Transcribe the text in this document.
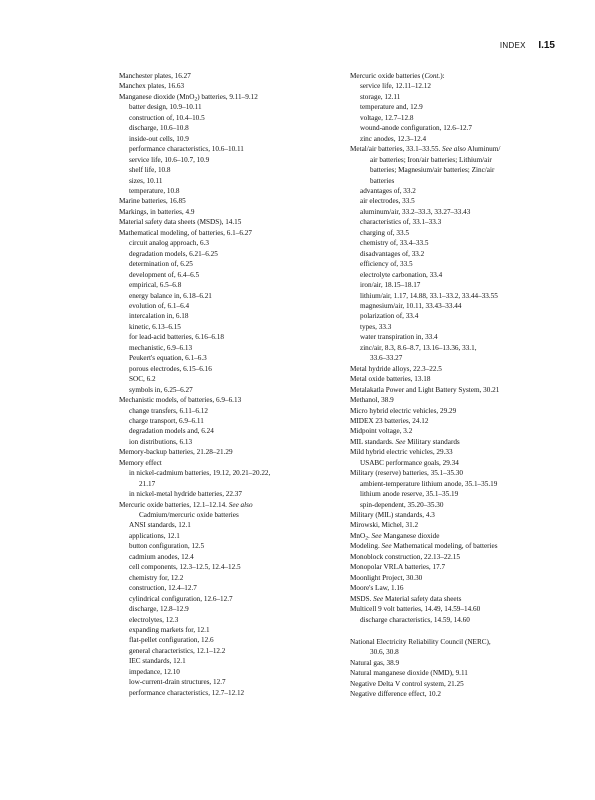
INDEX I.15
Manchester plates, 16.27
Manchex plates, 16.63
Manganese dioxide (MnO$_2$) batteries, 9.11–9.12
batter design, 10.9–10.11
construction of, 10.4–10.5
discharge, 10.6–10.8
inside-out cells, 10.9
performance characteristics, 10.6–10.11
service life, 10.6–10.7, 10.9
shelf life, 10.8
sizes, 10.11
temperature, 10.8
Marine batteries, 16.85
Markings, in batteries, 4.9
Material safety data sheets (MSDS), 14.15
Mathematical modeling, of batteries, 6.1–6.27
circuit analog approach, 6.3
degradation models, 6.21–6.25
determination of, 6.25
development of, 6.4–6.5
empirical, 6.5–6.8
energy balance in, 6.18–6.21
evolution of, 6.1–6.4
intercalation in, 6.18
kinetic, 6.13–6.15
for lead-acid batteries, 6.16–6.18
mechanistic, 6.9–6.13
Peukert's equation, 6.1–6.3
porous electrodes, 6.15–6.16
SOC, 6.2
symbols in, 6.25–6.27
Mechanistic models, of batteries, 6.9–6.13
change transfers, 6.11–6.12
charge transport, 6.9–6.11
degradation models and, 6.24
ion distributions, 6.13
Memory-backup batteries, 21.28–21.29
Memory effect
in nickel-cadmium batteries, 19.12, 20.21–20.22,
21.17
in nickel-metal hydride batteries, 22.37
Mercuric oxide batteries, 12.1–12.14. See also
Cadmium/mercuric oxide batteries
ANSI standards, 12.1
applications, 12.1
button configuration, 12.5
cadmium anodes, 12.4
cell components, 12.3–12.5, 12.4–12.5
chemistry for, 12.2
construction, 12.4–12.7
cylindrical configuration, 12.6–12.7
discharge, 12.8–12.9
electrolytes, 12.3
expanding markets for, 12.1
flat-pellet configuration, 12.6
general characteristics, 12.1–12.2
IEC standards, 12.1
impedance, 12.10
low-current-drain structures, 12.7
performance characteristics, 12.7–12.12
Mercuric oxide batteries (Cont.):
service life, 12.11–12.12
storage, 12.11
temperature and, 12.9
voltage, 12.7–12.8
wound-anode configuration, 12.6–12.7
zinc anodes, 12.3–12.4
Metal/air batteries, 33.1–33.55. See also Aluminum/
air batteries; Iron/air batteries; Lithium/air
batteries; Magnesium/air batteries; Zinc/air
batteries
advantages of, 33.2
air electrodes, 33.5
aluminum/air, 33.2–33.3, 33.27–33.43
characteristics of, 33.1–33.3
charging of, 33.5
chemistry of, 33.4–33.5
disadvantages of, 33.2
efficiency of, 33.5
electrolyte carbonation, 33.4
iron/air, 18.15–18.17
lithium/air, 1.17, 14.88, 33.1–33.2, 33.44–33.55
magnesium/air, 10.11, 33.43–33.44
polarization of, 33.4
types, 33.3
water transpiration in, 33.4
zinc/air, 8.3, 8.6–8.7, 13.16–13.36, 33.1,
33.6–33.27
Metal hydride alloys, 22.3–22.5
Metal oxide batteries, 13.18
Metalakatla Power and Light Battery System, 30.21
Methanol, 38.9
Micro hybrid electric vehicles, 29.29
MIDEX 23 batteries, 24.12
Midpoint voltage, 3.2
MIL standards. See Military standards
Mild hybrid electric vehicles, 29.33
USABC performance goals, 29.34
Military (reserve) batteries, 35.1–35.30
ambient-temperature lithium anode, 35.1–35.19
lithium anode reserve, 35.1–35.19
spin-dependent, 35.20–35.30
Military (MIL) standards, 4.3
Mirowski, Michel, 31.2
MnO$_2$. See Manganese dioxide
Modeling. See Mathematical modeling, of batteries
Monoblock construction, 22.13–22.15
Monopolar VRLA batteries, 17.7
Moonlight Project, 30.30
Moore's Law, 1.16
MSDS. See Material safety data sheets
Multicell 9 volt batteries, 14.49, 14.59–14.60
discharge characteristics, 14.59, 14.60
National Electricity Reliability Council (NERC),
30.6, 30.8
Natural gas, 38.9
Natural manganese dioxide (NMD), 9.11
Negative Delta V control system, 21.25
Negative difference effect, 10.2
